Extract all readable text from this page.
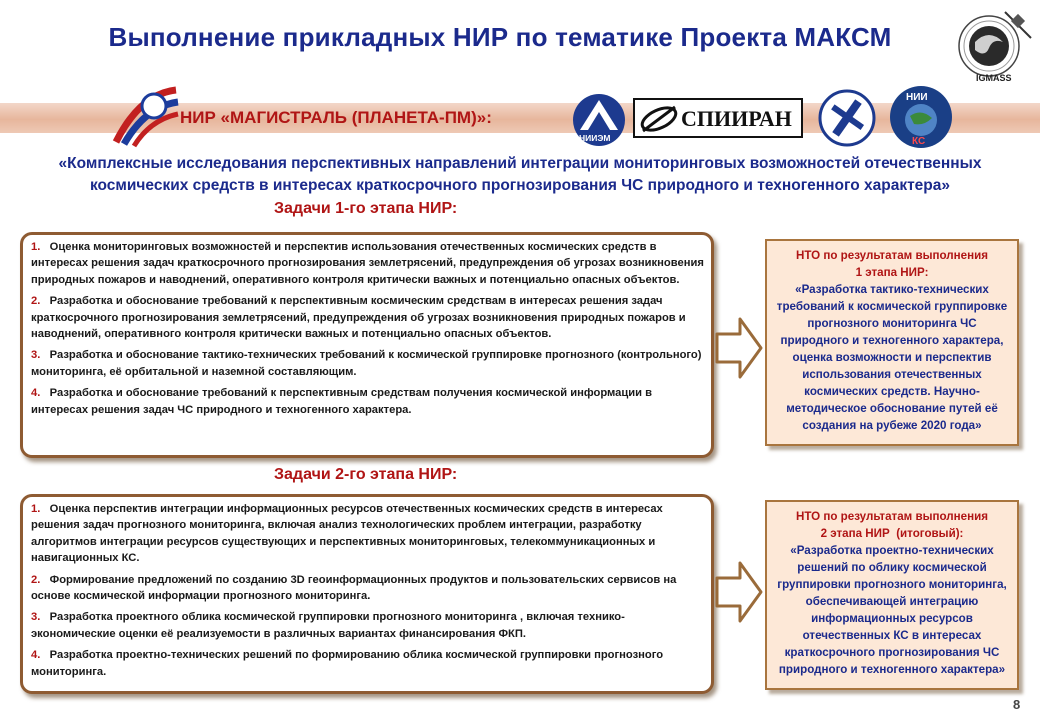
Выполнение прикладных НИР по тематике Проекта МАКСМ
IGMASS
НИР «МАГИСТРАЛЬ (ПЛАНЕТА-ПМ)»:
НИИЭМ
СПИИРАН
НИИ
КС
«Комплексные исследования перспективных направлений интеграции мониторинговых возможностей отечественных
космических средств в интересах краткосрочного прогнозирования ЧС природного и техногенного характера»
Задачи 1-го этапа НИР:
1. Оценка мониторинговых возможностей и перспектив использования отечественных космических средств в интересах решения задач краткосрочного прогнозирования землетрясений, предупреждения об угрозах возникновения природных пожаров и наводнений, оперативного контроля критически важных и потенциально опасных объектов.
2. Разработка и обоснование требований к перспективным космическим средствам в интересах решения задач краткосрочного прогнозирования землетрясений, предупреждения об угрозах возникновения природных пожаров и наводнений, оперативного контроля критически важных и потенциально опасных объектов.
3. Разработка и обоснование тактико-технических требований к космической группировке прогнозного (контрольного) мониторинга, её орбитальной и наземной составляющим.
4. Разработка и обоснование требований к перспективным средствам получения космической информации в интересах решения задач ЧС природного и техногенного характера.
НТО по результатам выполнения
1 этапа НИР:
«Разработка тактико-технических требований к космической группировке прогнозного мониторинга ЧС природного и техногенного характера, оценка возможности и перспектив использования отечественных космических средств. Научно-методическое обоснование путей её создания на рубеже 2020 года»
Задачи 2-го этапа НИР:
1. Оценка перспектив интеграции информационных ресурсов отечественных космических средств в интересах решения задач прогнозного мониторинга, включая анализ технологических проблем интеграции, разработку алгоритмов интеграции ресурсов существующих и перспективных мониторинговых, телекоммуникационных и навигационных КС.
2. Формирование предложений по созданию 3D геоинформационных продуктов и пользовательских сервисов на основе космической информации прогнозного мониторинга.
3. Разработка проектного облика космической группировки прогнозного мониторинга , включая технико-экономические оценки её реализуемости в различных вариантах финансирования ФКП.
4. Разработка проектно-технических решений по формированию облика космической группировки прогнозного мониторинга.
НТО по результатам выполнения
2 этапа НИР (итоговый):
«Разработка проектно-технических решений по облику космической группировки прогнозного мониторинга, обеспечивающей интеграцию информационных ресурсов отечественных КС в интересах краткосрочного прогнозирования ЧС природного и техногенного характера»
8
